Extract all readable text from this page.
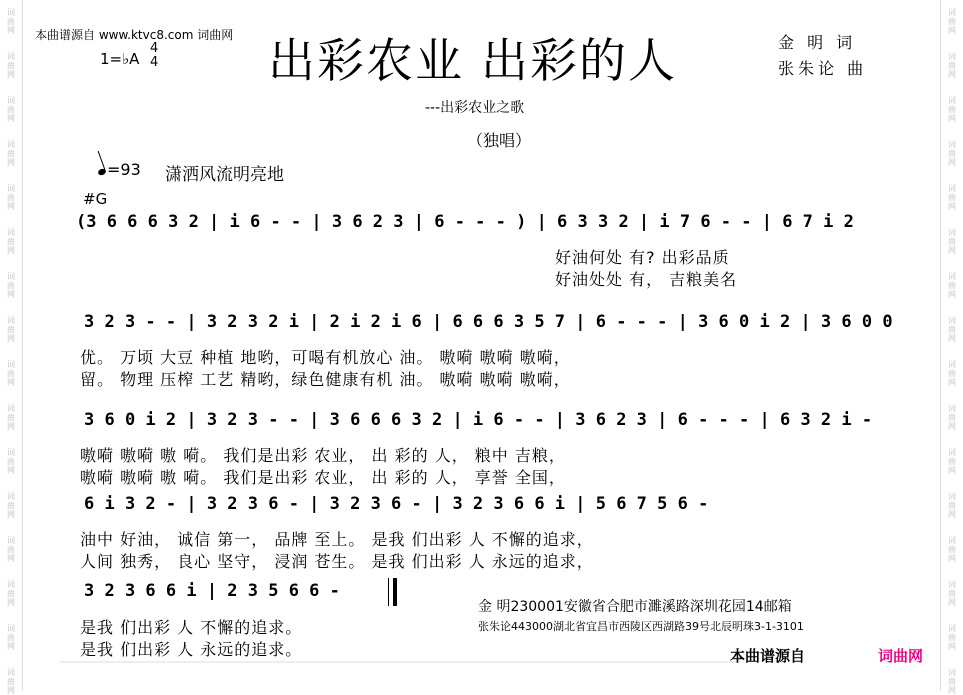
词
曲
网
词
曲
网
词
曲
网
词
曲
网
词
曲
网
词
曲
网
词
曲
网
词
曲
网
词
曲
网
词
曲
网
词
曲
网
词
曲
网
词
曲
网
词
曲
网
词
曲
网
词
曲
网
词
曲
网
词
曲
网
词
曲
网
词
曲
网
词
曲
网
词
曲
网
词
曲
网
词
曲
网
词
曲
网
词
曲
网
词
曲
网
词
曲
网
词
曲
网
词
曲
网
词
曲
网
词
曲
网
本曲谱源自 www.ktvc8.com 词曲网
1=♭A
4
4 出彩农业 出彩的人	金 明 词
张朱论 曲
---出彩农业之歌
（独唱）
=93 潇洒风流明亮地
#G
(3 6 6 6 3 2 | i 6 - - | 3 6 2 3 | 6 - - - ) | 6 3 3 2 | i 7 6 - - | 6 7 i 2
好油何处 有? 出彩品质
好油处处 有， 吉粮美名
3 2 3 - - | 3 2 3 2 i | 2 i 2 i 6 | 6 6 6 3 5 7 | 6 - - - | 3 6 0 i 2 | 3 6 0 0
优。 万顷 大豆 种植 地哟，可喝有机放心 油。 嗷嗬 嗷嗬 嗷嗬，
留。 物理 压榨 工艺 精哟，绿色健康有机 油。 嗷嗬 嗷嗬 嗷嗬，
3 6 0 i 2 | 3 2 3 - - | 3 6 6 6 3 2 | i 6 - - | 3 6 2 3 | 6 - - - | 6 3 2 i -
嗷嗬 嗷嗬 嗷 嗬。 我们是出彩 农业， 出 彩的 人， 粮中 吉粮，
嗷嗬 嗷嗬 嗷 嗬。 我们是出彩 农业， 出 彩的 人， 享誉 全国，
6 i 3 2 - | 3 2 3 6 - | 3 2 3 6 - | 3 2 3 6 6 i | 5 6 7 5 6 -
油中 好油， 诚信 第一， 品牌 至上。 是我 们出彩 人 不懈的追求，
人间 独秀， 良心 坚守， 浸润 苍生。 是我 们出彩 人 永远的追求，
3 2 3 6 6 i | 2 3 5 6 6 -
是我 们出彩 人 不懈的追求。
是我 们出彩 人 永远的追求。
金 明230001安徽省合肥市濉溪路深圳花园14邮箱
张朱论443000湖北省宜昌市西陵区西湖路39号北辰明珠3-1-3101
本曲谱源自	词曲网
